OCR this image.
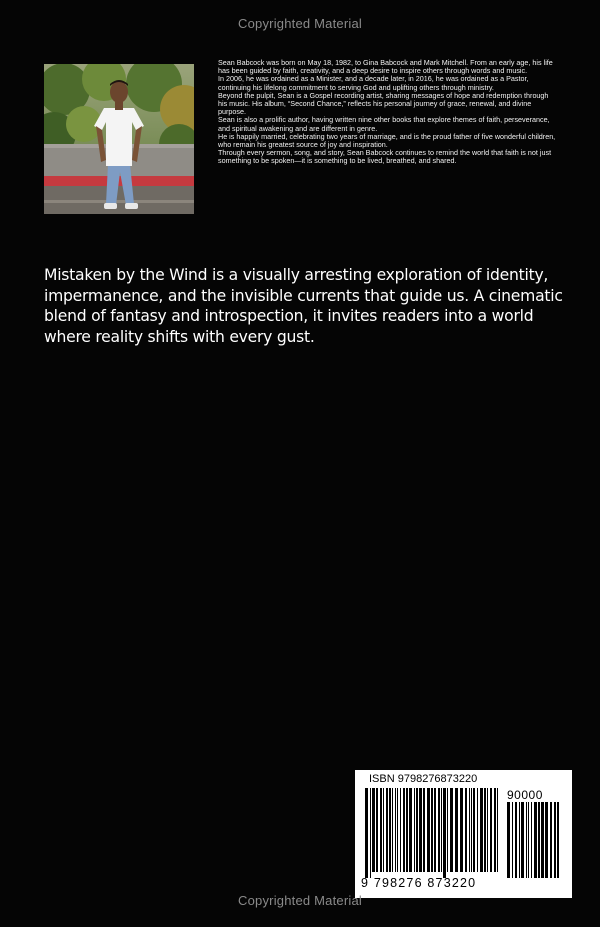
Copyrighted Material

Sean Babcock was born on May 18, 1982, to Gina Babcock and Mark Mitchell. From an early age, his life has been guided by faith, creativity, and a deep desire to inspire others through words and music.

In 2006, he was ordained as a Minister, and a decade later, in 2016, he was ordained as a Pastor, continuing his lifelong commitment to serving God and uplifting others through ministry.

Beyond the pulpit, Sean is a Gospel recording artist, sharing messages of hope and redemption through his music. His album, “Second Chance,” reflects his personal journey of grace, renewal, and divine purpose.

Sean is also a prolific author, having written nine other books that explore themes of faith, perseverance, and spiritual awakening and are different in genre.

He is happily married, celebrating two years of marriage, and is the proud father of five wonderful children, who remain his greatest source of joy and inspiration.

Through every sermon, song, and story, Sean Babcock continues to remind the world that faith is not just something to be spoken—it is something to be lived, breathed, and shared.

Mistaken by the Wind is a visually arresting exploration of identity, impermanence, and the invisible currents that guide us. A cinematic blend of fantasy and introspection, it invites readers into a world where reality shifts with every gust.
ISBN 9798276873220
90000
9 798276 873220
Copyrighted Material
